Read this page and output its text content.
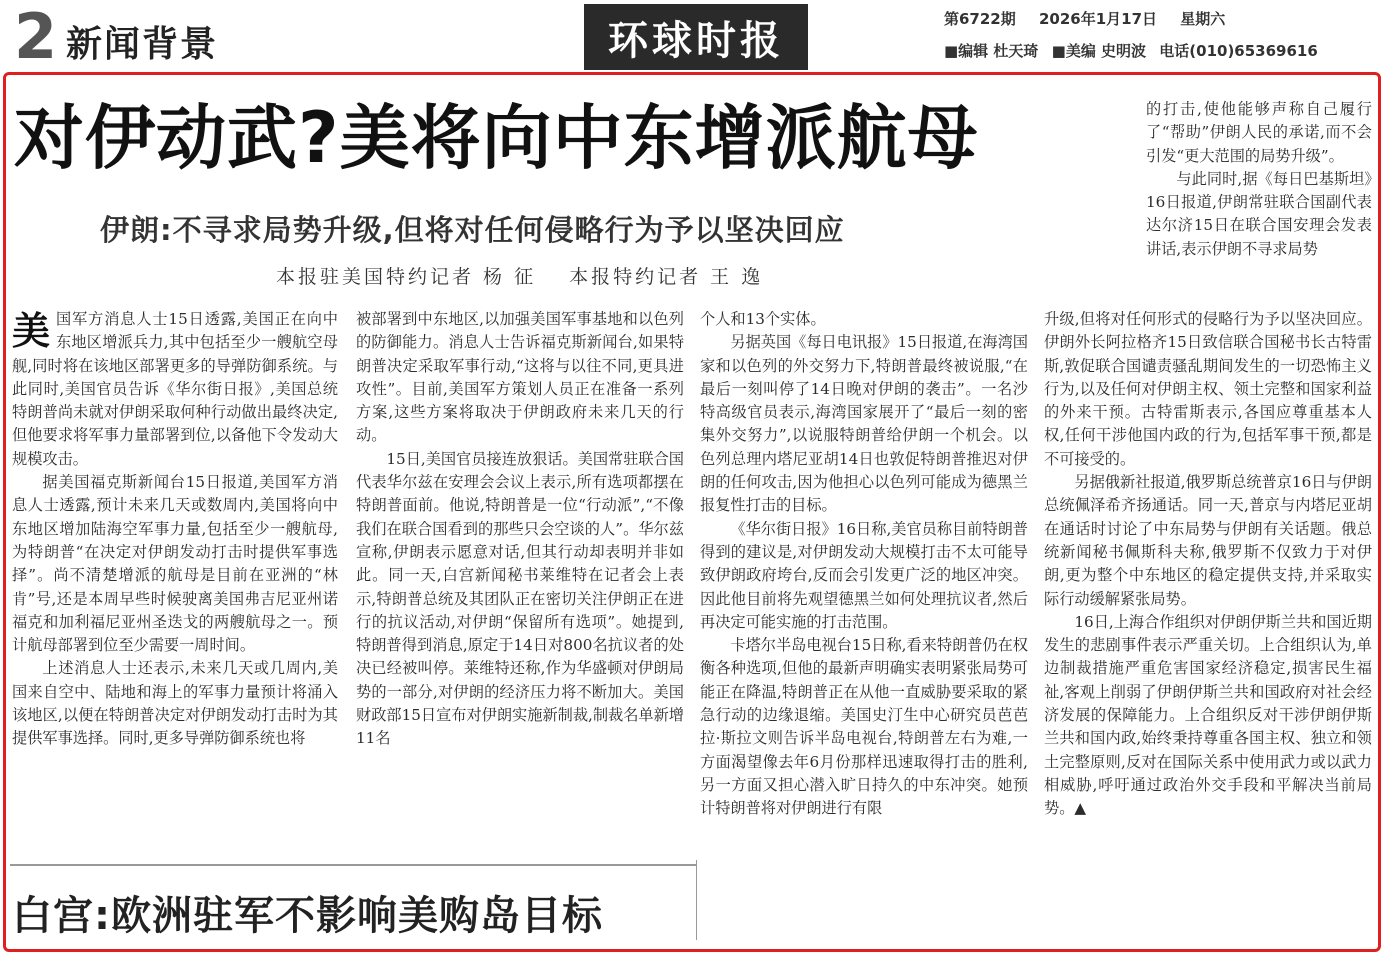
2 新闻背景	环球时报	第6722期 2026年1月17日 星期六
■编辑 杜天琦 ■美编 史明波 电话(010)65369616
对伊动武?美将向中东增派航母
伊朗:不寻求局势升级,但将对任何侵略行为予以坚决回应
本报驻美国特约记者 杨 征 本报特约记者 王 逸
美 国军方消息人士15日透露,美国正在向中东地区增派兵力,其中包括至少一艘航空母舰,同时将在该地区部署更多的导弹防御系统。与此同时,美国官员告诉《华尔街日报》,美国总统特朗普尚未就对伊朗采取何种行动做出最终决定,但他要求将军事力量部署到位,以备他下令发动大规模攻击。

据美国福克斯新闻台15日报道,美国军方消息人士透露,预计未来几天或数周内,美国将向中东地区增加陆海空军事力量,包括至少一艘航母,为特朗普“在决定对伊朗发动打击时提供军事选择”。尚不清楚增派的航母是目前在亚洲的“林肯”号,还是本周早些时候驶离美国弗吉尼亚州诺福克和加利福尼亚州圣迭戈的两艘航母之一。预计航母部署到位至少需要一周时间。

上述消息人士还表示,未来几天或几周内,美国来自空中、陆地和海上的军事力量预计将涌入该地区,以便在特朗普决定对伊朗发动打击时为其提供军事选择。同时,更多导弹防御系统也将

被部署到中东地区,以加强美国军事基地和以色列的防御能力。消息人士告诉福克斯新闻台,如果特朗普决定采取军事行动,“这将与以往不同,更具进攻性”。目前,美国军方策划人员正在准备一系列方案,这些方案将取决于伊朗政府未来几天的行动。

15日,美国官员接连放狠话。美国常驻联合国代表华尔兹在安理会会议上表示,所有选项都摆在特朗普面前。他说,特朗普是一位“行动派”,“不像我们在联合国看到的那些只会空谈的人”。华尔兹宣称,伊朗表示愿意对话,但其行动却表明并非如此。同一天,白宫新闻秘书莱维特在记者会上表示,特朗普总统及其团队正在密切关注伊朗正在进行的抗议活动,对伊朗“保留所有选项”。她提到,特朗普得到消息,原定于14日对800名抗议者的处决已经被叫停。莱维特还称,作为华盛顿对伊朗局势的一部分,对伊朗的经济压力将不断加大。美国财政部15日宣布对伊朗实施新制裁,制裁名单新增11名

个人和13个实体。

另据英国《每日电讯报》15日报道,在海湾国家和以色列的外交努力下,特朗普最终被说服,“在最后一刻叫停了14日晚对伊朗的袭击”。一名沙特高级官员表示,海湾国家展开了“最后一刻的密集外交努力”,以说服特朗普给伊朗一个机会。以色列总理内塔尼亚胡14日也敦促特朗普推迟对伊朗的任何攻击,因为他担心以色列可能成为德黑兰报复性打击的目标。

《华尔街日报》16日称,美官员称目前特朗普得到的建议是,对伊朗发动大规模打击不太可能导致伊朗政府垮台,反而会引发更广泛的地区冲突。因此他目前将先观望德黑兰如何处理抗议者,然后再决定可能实施的打击范围。

卡塔尔半岛电视台15日称,看来特朗普仍在权衡各种选项,但他的最新声明确实表明紧张局势可能正在降温,特朗普正在从他一直威胁要采取的紧急行动的边缘退缩。美国史汀生中心研究员芭芭拉·斯拉文则告诉半岛电视台,特朗普左右为难,一方面渴望像去年6月份那样迅速取得打击的胜利,另一方面又担心潜入旷日持久的中东冲突。她预计特朗普将对伊朗进行有限

的打击,使他能够声称自己履行了“帮助”伊朗人民的承诺,而不会引发“更大范围的局势升级”。

与此同时,据《每日巴基斯坦》16日报道,伊朗常驻联合国副代表达尔济15日在联合国安理会发表讲话,表示伊朗不寻求局势

升级,但将对任何形式的侵略行为予以坚决回应。伊朗外长阿拉格齐15日致信联合国秘书长古特雷斯,敦促联合国谴责骚乱期间发生的一切恐怖主义行为,以及任何对伊朗主权、领土完整和国家利益的外来干预。古特雷斯表示,各国应尊重基本人权,任何干涉他国内政的行为,包括军事干预,都是不可接受的。

另据俄新社报道,俄罗斯总统普京16日与伊朗总统佩泽希齐扬通话。同一天,普京与内塔尼亚胡在通话时讨论了中东局势与伊朗有关话题。俄总统新闻秘书佩斯科夫称,俄罗斯不仅致力于对伊朗,更为整个中东地区的稳定提供支持,并采取实际行动缓解紧张局势。

16日,上海合作组织对伊朗伊斯兰共和国近期发生的悲剧事件表示严重关切。上合组织认为,单边制裁措施严重危害国家经济稳定,损害民生福祉,客观上削弱了伊朗伊斯兰共和国政府对社会经济发展的保障能力。上合组织反对干涉伊朗伊斯兰共和国内政,始终秉持尊重各国主权、独立和领土完整原则,反对在国际关系中使用武力或以武力相威胁,呼吁通过政治外交手段和平解决当前局势。▲

白宫:欧洲驻军不影响美购岛目标
